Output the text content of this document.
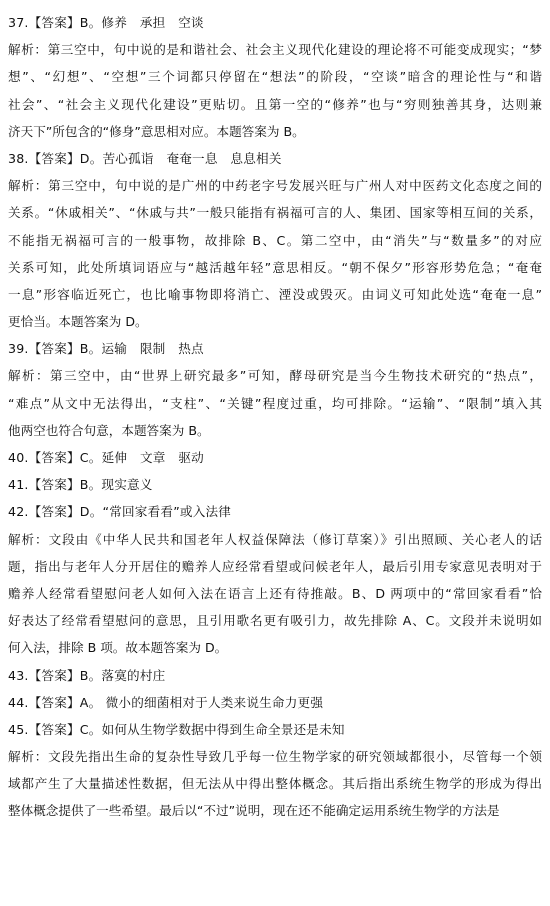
37.【答案】B。修养　承担　空谈
解析：第三空中，句中说的是和谐社会、社会主义现代化建设的理论将不可能变成现实；“梦
想”、“幻想”、“空想”三个词都只停留在“想法”的阶段，“空谈”暗含的理论性与“和谐
社会”、“社会主义现代化建设”更贴切。且第一空的“修养”也与“穷则独善其身，达则兼
济天下”所包含的“修身”意思相对应。本题答案为 B。
38.【答案】D。苦心孤诣　奄奄一息　息息相关
解析：第三空中，句中说的是广州的中药老字号发展兴旺与广州人对中医药文化态度之间的
关系。“休戚相关”、“休戚与共”一般只能指有祸福可言的人、集团、国家等相互间的关系，
不能指无祸福可言的一般事物，故排除 B、C。第二空中，由“消失”与“数量多”的对应
关系可知，此处所填词语应与“越活越年轻”意思相反。“朝不保夕”形容形势危急；“奄奄
一息”形容临近死亡，也比喻事物即将消亡、湮没或毁灭。由词义可知此处选“奄奄一息”
更恰当。本题答案为 D。
39.【答案】B。运输　限制　热点
解析：第三空中，由“世界上研究最多”可知，酵母研究是当今生物技术研究的“热点”，
“难点”从文中无法得出，“支柱”、“关键”程度过重，均可排除。“运输”、“限制”填入其
他两空也符合句意，本题答案为 B。
40.【答案】C。延伸　文章　驱动
41.【答案】B。现实意义
42.【答案】D。“常回家看看”或入法律
解析：文段由《中华人民共和国老年人权益保障法（修订草案）》引出照顾、关心老人的话
题，指出与老年人分开居住的赡养人应经常看望或问候老年人，最后引用专家意见表明对于
赡养人经常看望慰问老人如何入法在语言上还有待推敲。B、D 两项中的“常回家看看”恰
好表达了经常看望慰问的意思，且引用歌名更有吸引力，故先排除 A、C。文段并未说明如
何入法，排除 B 项。故本题答案为 D。
43.【答案】B。落寞的村庄
44.【答案】A。 微小的细菌相对于人类来说生命力更强
45.【答案】C。如何从生物学数据中得到生命全景还是未知
解析：文段先指出生命的复杂性导致几乎每一位生物学家的研究领域都很小，尽管每一个领
域都产生了大量描述性数据，但无法从中得出整体概念。其后指出系统生物学的形成为得出
整体概念提供了一些希望。最后以“不过”说明，现在还不能确定运用系统生物学的方法是
